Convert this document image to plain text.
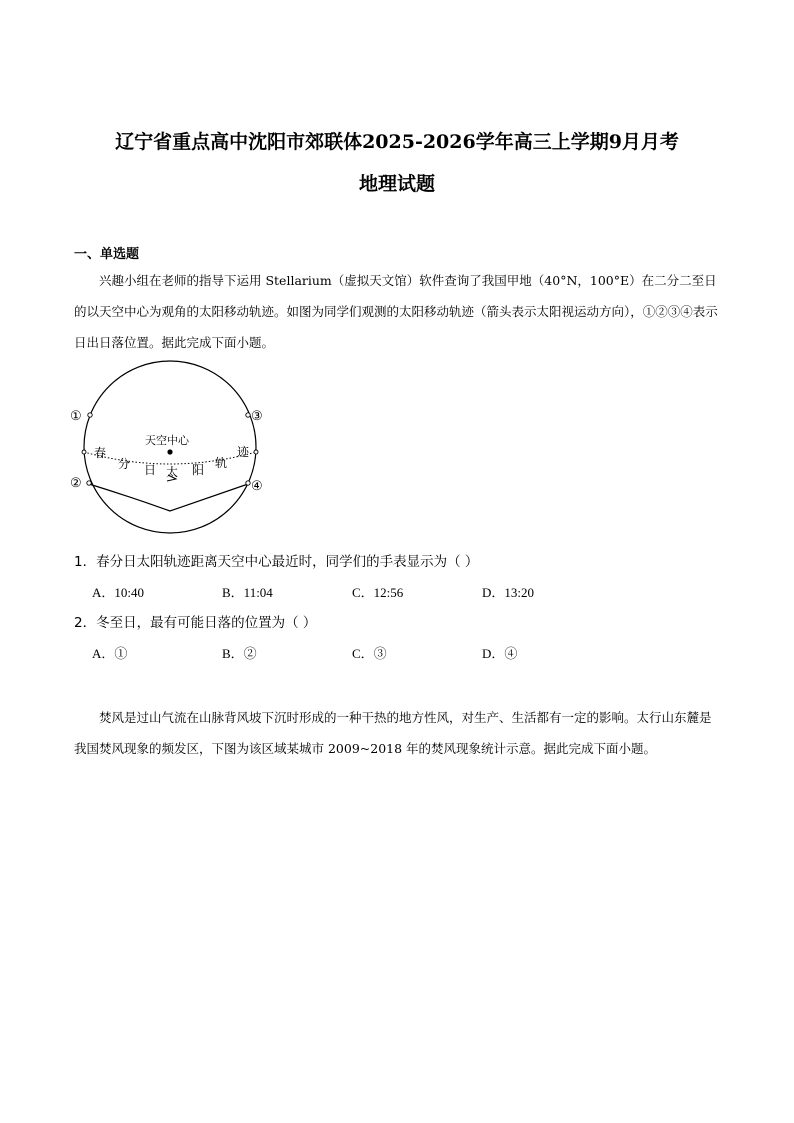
辽宁省重点高中沈阳市郊联体2025-2026学年高三上学期9月月考
地理试题
一、单选题
兴趣小组在老师的指导下运用 Stellarium（虚拟天文馆）软件查询了我国甲地（40°N，100°E）在二分二至日的以天空中心为观角的太阳移动轨迹。如图为同学们观测的太阳移动轨迹（箭头表示太阳视运动方向），①②③④表示日出日落位置。据此完成下面小题。
天空中心
①
②
③
④
春
分 日 太 阳 轨
迹
1．春分日太阳轨迹距离天空中心最近时，同学们的手表显示为（ ）
A．10:40	B．11:04	C．12:56	D．13:20
2．冬至日，最有可能日落的位置为（ ）
A．①	B．②	C．③	D．④
焚风是过山气流在山脉背风坡下沉时形成的一种干热的地方性风，对生产、生活都有一定的影响。太行山东麓是我国焚风现象的频发区，下图为该区域某城市 2009~2018 年的焚风现象统计示意。据此完成下面小题。
